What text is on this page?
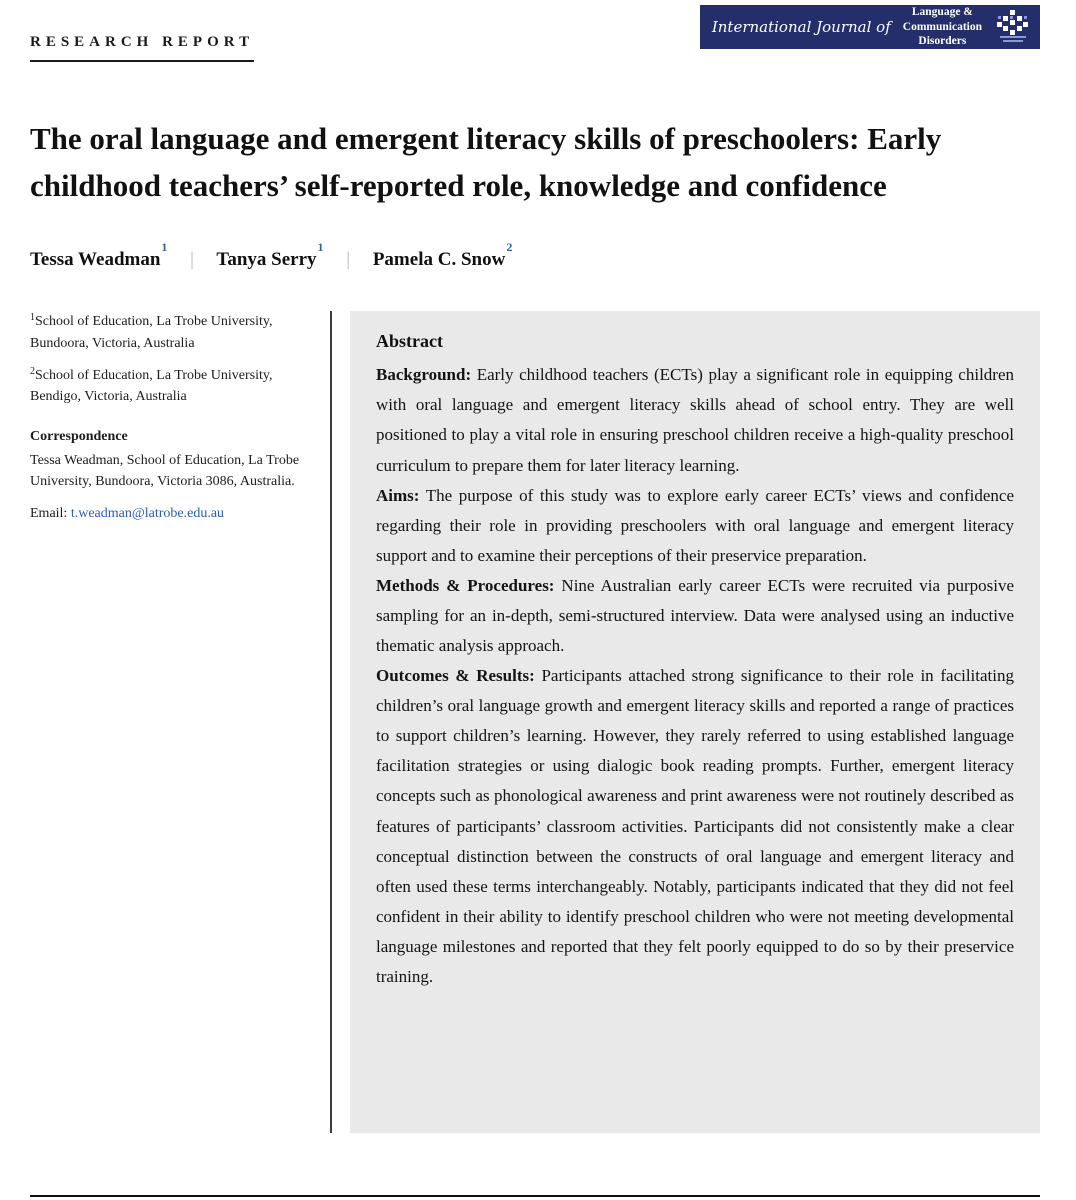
RESEARCH REPORT
International Journal of
Language &
Communication
Disorders
The oral language and emergent literacy skills of preschoolers: Early childhood teachers’ self-reported role, knowledge and confidence
Tessa Weadman$^1$ | Tanya Serry$^1$ | Pamela C. Snow$^2$

$^1$School of Education, La Trobe University, Bundoora, Victoria, Australia

$^2$School of Education, La Trobe University, Bendigo, Victoria, Australia

Correspondence

Tessa Weadman, School of Education, La Trobe University, Bundoora, Victoria 3086, Australia.

Email: t.weadman@latrobe.edu.au

Abstract

Background: Early childhood teachers (ECTs) play a significant role in equipping children with oral language and emergent literacy skills ahead of school entry. They are well positioned to play a vital role in ensuring preschool children receive a high-quality preschool curriculum to prepare them for later literacy learning.

Aims: The purpose of this study was to explore early career ECTs’ views and confidence regarding their role in providing preschoolers with oral language and emergent literacy support and to examine their perceptions of their preservice preparation.

Methods & Procedures: Nine Australian early career ECTs were recruited via purposive sampling for an in-depth, semi-structured interview. Data were analysed using an inductive thematic analysis approach.

Outcomes & Results: Participants attached strong significance to their role in facilitating children’s oral language growth and emergent literacy skills and reported a range of practices to support children’s learning. However, they rarely referred to using established language facilitation strategies or using dialogic book reading prompts. Further, emergent literacy concepts such as phonological awareness and print awareness were not routinely described as features of participants’ classroom activities. Participants did not consistently make a clear conceptual distinction between the constructs of oral language and emergent literacy and often used these terms interchangeably. Notably, participants indicated that they did not feel confident in their ability to identify preschool children who were not meeting developmental language milestones and reported that they felt poorly equipped to do so by their preservice training.
